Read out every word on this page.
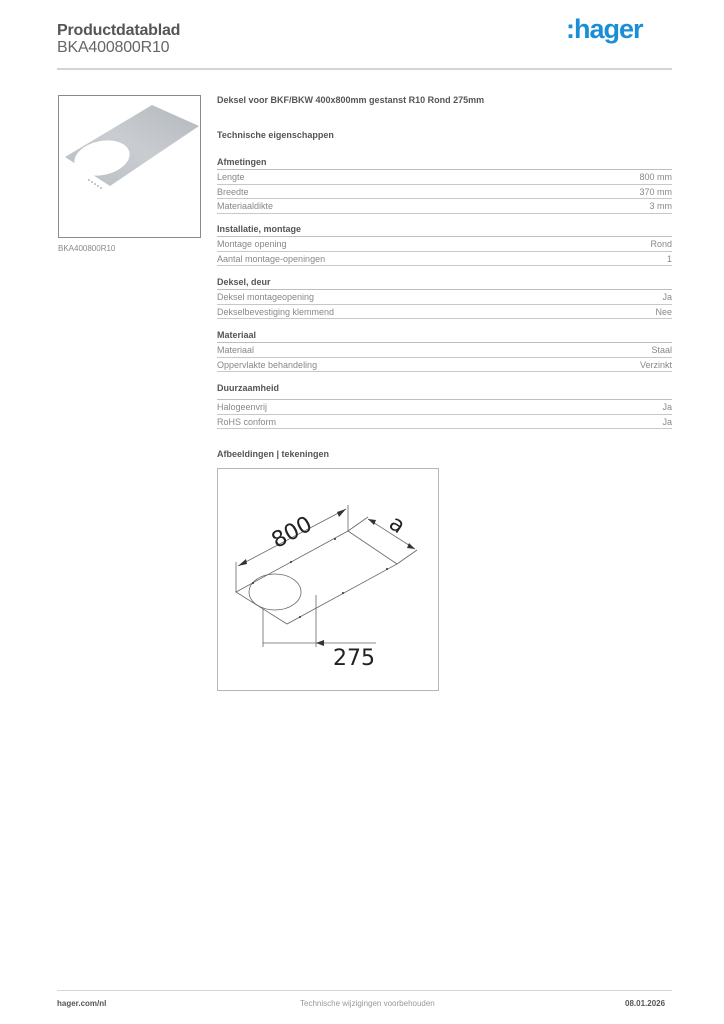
Productdatablad
BKA400800R10
:hager
BKA400800R10
Deksel voor BKF/BKW 400x800mm gestanst R10 Rond 275mm
Technische eigenschappen
Afmetingen
Lengte	800 mm
Breedte	370 mm
Materiaaldikte	3 mm
Installatie, montage
Montage opening	Rond
Aantal montage-openingen	1
Deksel, deur
Deksel montageopening	Ja
Dekselbevestiging klemmend	Nee
Materiaal
Materiaal	Staal
Oppervlakte behandeling	Verzinkt
Duurzaamheid
Halogeenvrij	Ja
RoHS conform	Ja
Afbeeldingen | tekeningen
800	a
275
hager.com/nl	Technische wijzigingen voorbehouden	08.01.2026
